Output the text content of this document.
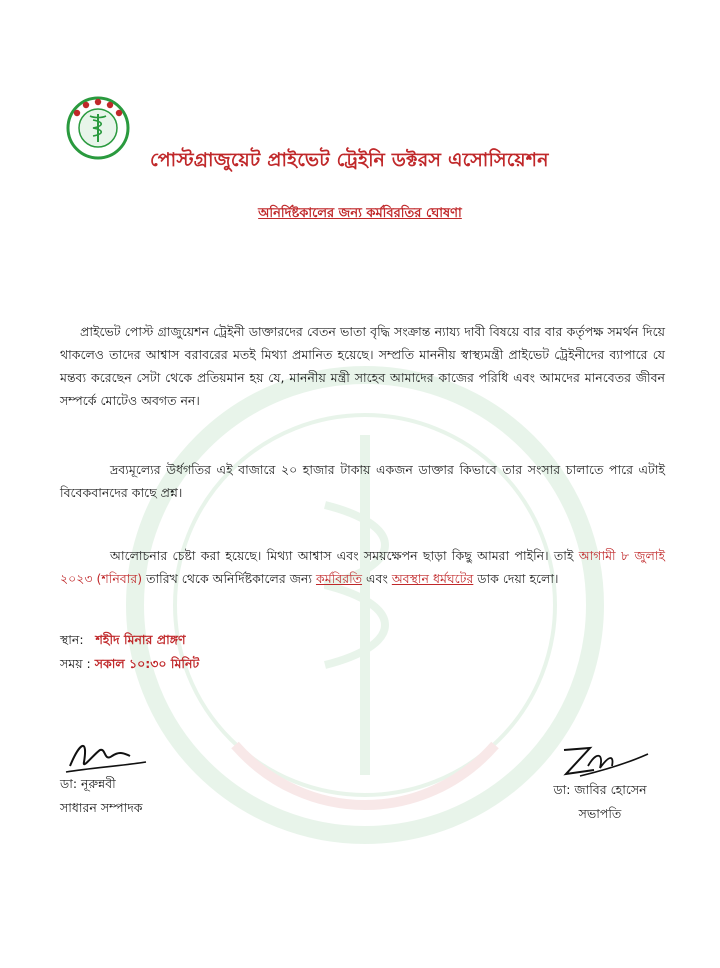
পোস্টগ্রাজুয়েট প্রাইভেট ট্রেইনি ডক্টরস এসোসিয়েশন
অনির্দিষ্টকালের জন্য কর্মবিরতির ঘোষণা
প্রাইভেট পোস্ট গ্রাজুয়েশন ট্রেইনী ডাক্তারদের বেতন ভাতা বৃদ্ধি সংক্রান্ত ন্যায্য দাবী বিষয়ে বার বার কর্তৃপক্ষ সমর্থন দিয়ে থাকলেও তাদের আশ্বাস বরাবরের মতই মিথ্যা প্রমানিত হয়েছে। সম্প্রতি মাননীয় স্বাস্থ্যমন্ত্রী প্রাইভেট ট্রেইনীদের ব্যাপারে যে মন্তব্য করেছেন সেটা থেকে প্রতিয়মান হয় যে, মাননীয় মন্ত্রী সাহেব আমাদের কাজের পরিধি এবং আমদের মানবেতর জীবন সম্পর্কে মোটেও অবগত নন।
দ্রব্যমূল্যের উর্ধগতির এই বাজারে ২০ হাজার টাকায় একজন ডাক্তার কিভাবে তার সংসার চালাতে পারে এটাই বিবেকবানদের কাছে প্রশ্ন।
আলোচনার চেষ্টা করা হয়েছে। মিথ্যা আশ্বাস এবং সময়ক্ষেপন ছাড়া কিছু আমরা পাইনি। তাই আগামী ৮ জুলাই ২০২৩ (শনিবার) তারিখ থেকে অনির্দিষ্টকালের জন্য কর্মবিরতি এবং অবস্থান ধর্মঘটের ডাক দেয়া হলো।
স্থান: শহীদ মিনার প্রাঙ্গণ
সময় : সকাল ১০:৩০ মিনিট
ডা: নূরুন্নবী
সাধারন সম্পাদক
ডা: জাবির হোসেন
সভাপতি
